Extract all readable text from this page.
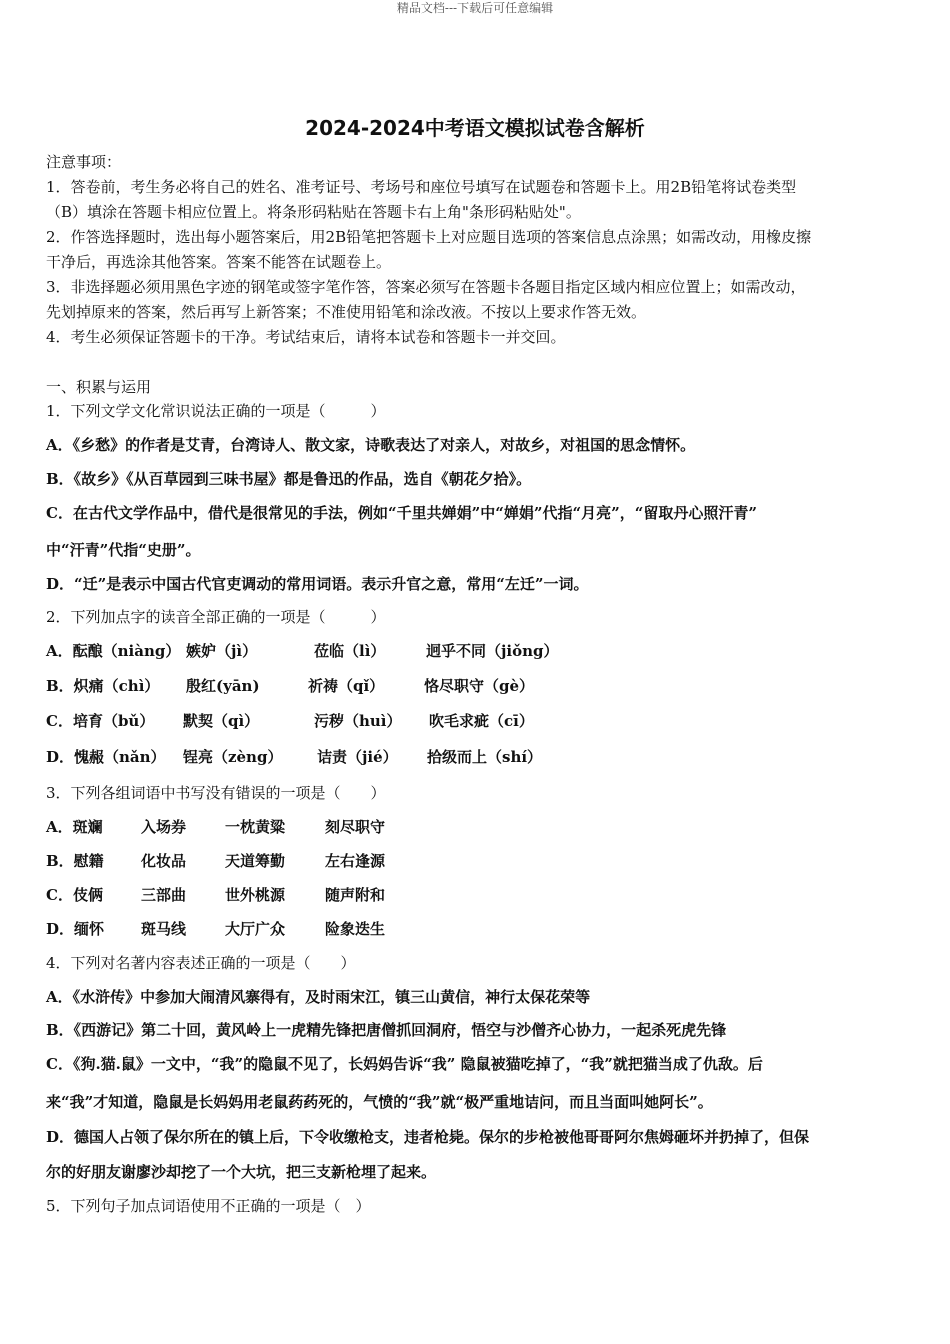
精品文档---下载后可任意编辑
2024-2024中考语文模拟试卷含解析
注意事项：
1．答卷前，考生务必将自己的姓名、准考证号、考场号和座位号填写在试题卷和答题卡上。用2B铅笔将试卷类型
（B）填涂在答题卡相应位置上。将条形码粘贴在答题卡右上角"条形码粘贴处"。
2．作答选择题时，选出每小题答案后，用2B铅笔把答题卡上对应题目选项的答案信息点涂黑；如需改动，用橡皮擦
干净后，再选涂其他答案。答案不能答在试题卷上。
3．非选择题必须用黑色字迹的钢笔或签字笔作答，答案必须写在答题卡各题目指定区域内相应位置上；如需改动，
先划掉原来的答案，然后再写上新答案；不准使用铅笔和涂改液。不按以上要求作答无效。
4．考生必须保证答题卡的干净。考试结束后，请将本试卷和答题卡一并交回。
一、积累与运用
1．下列文学文化常识说法正确的一项是（　　　）
A．《乡愁》的作者是艾青，台湾诗人、散文家，诗歌表达了对亲人，对故乡，对祖国的思念情怀。
B．《故乡》《从百草园到三味书屋》都是鲁迅的作品，选自《朝花夕拾》。
C．在古代文学作品中，借代是很常见的手法，例如“千里共婵娟”中“婵娟”代指“月亮”，“留取丹心照汗青”
中“汗青”代指“史册”。
D．“迁”是表示中国古代官吏调动的常用词语。表示升官之意，常用“左迁”一词。
2．下列加点字的读音全部正确的一项是（　　　）
A．酝酿（niàng） 嫉妒（jì）	莅临（lì）	迥乎不同（jiǒng）
B．炽痛（chì） 殷红(yān)	祈祷（qǐ）	恪尽职守（gè）
C．培育（bǔ） 默契（qì）	污秽（huì） 吹毛求疵（cī）
D．愧赧（nǎn） 锃亮（zèng） 诘责（jié） 拾级而上（shí）
3．下列各组词语中书写没有错误的一项是（　　）
A．斑斓	入场券	一枕黄粱	刻尽职守
B．慰籍 化妆品	天道筹勤	左右逢源
C．伎俩	三部曲	世外桃源	随声附和
D．缅怀 斑马线	大厅广众	险象迭生
4．下列对名著内容表述正确的一项是（　　）
A．《水浒传》中参加大闹清风寨得有，及时雨宋江，镇三山黄信，神行太保花荣等
B．《西游记》第二十回，黄风岭上一虎精先锋把唐僧抓回洞府，悟空与沙僧齐心协力，一起杀死虎先锋
C．《狗.猫.鼠》一文中，“我”的隐鼠不见了，长妈妈告诉“我” 隐鼠被猫吃掉了，“我”就把猫当成了仇敌。后
来“我”才知道，隐鼠是长妈妈用老鼠药药死的，气愤的“我”就“极严重地诘问，而且当面叫她阿长”。
D．德国人占领了保尔所在的镇上后，下令收缴枪支，违者枪毙。保尔的步枪被他哥哥阿尔焦姆砸坏并扔掉了，但保
尔的好朋友谢廖沙却挖了一个大坑，把三支新枪埋了起来。
5．下列句子加点词语使用不正确的一项是（　）
